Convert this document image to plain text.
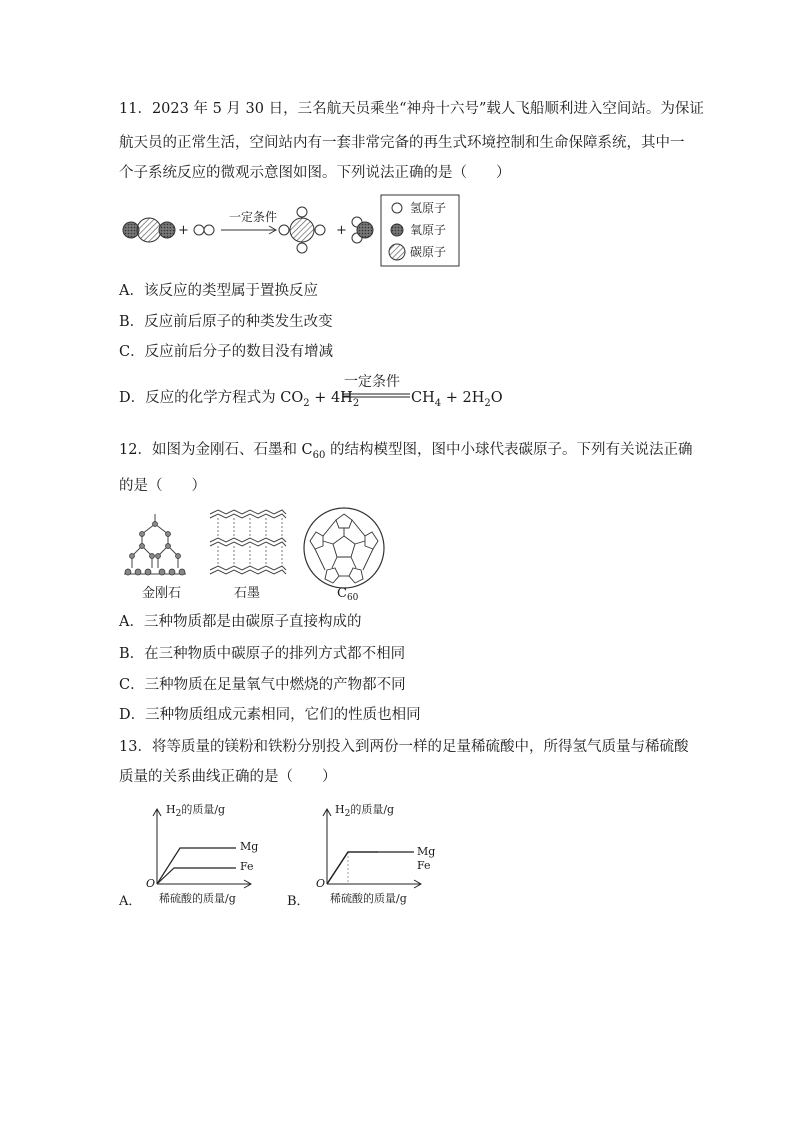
11．2023 年 5 月 30 日，三名航天员乘坐“神舟十六号”载人飞船顺利进入空间站。为保证
航天员的正常生活，空间站内有一套非常完备的再生式环境控制和生命保障系统，其中一
个子系统反应的微观示意图如图。下列说法正确的是（　　）
一定条件
+	+
氢原子
氧原子
碳原子
A．该反应的类型属于置换反应
B．反应前后原子的种类发生改变
C．反应前后分子的数目没有增减
D．反应的化学方程式为 $CO_2 + 4H_2$
一定条件
$CH_4 + 2H_2O$
12．如图为金刚石、石墨和 $C_{60}$ 的结构模型图，图中小球代表碳原子。下列有关说法正确
的是（　　）
金刚石	石墨	$C_{60}$
A．三种物质都是由碳原子直接构成的
B．在三种物质中碳原子的排列方式都不相同
C．三种物质在足量氧气中燃烧的产物都不同
D．三种物质组成元素相同，它们的性质也相同
13．将等质量的镁粉和铁粉分别投入到两份一样的足量稀硫酸中，所得氢气质量与稀硫酸
质量的关系曲线正确的是（　　）
$H_2$的质量/g
Mg
Fe
O
稀硫酸的质量/g
A．
$H_2$的质量/g
Mg
Fe
O
稀硫酸的质量/g
B．
